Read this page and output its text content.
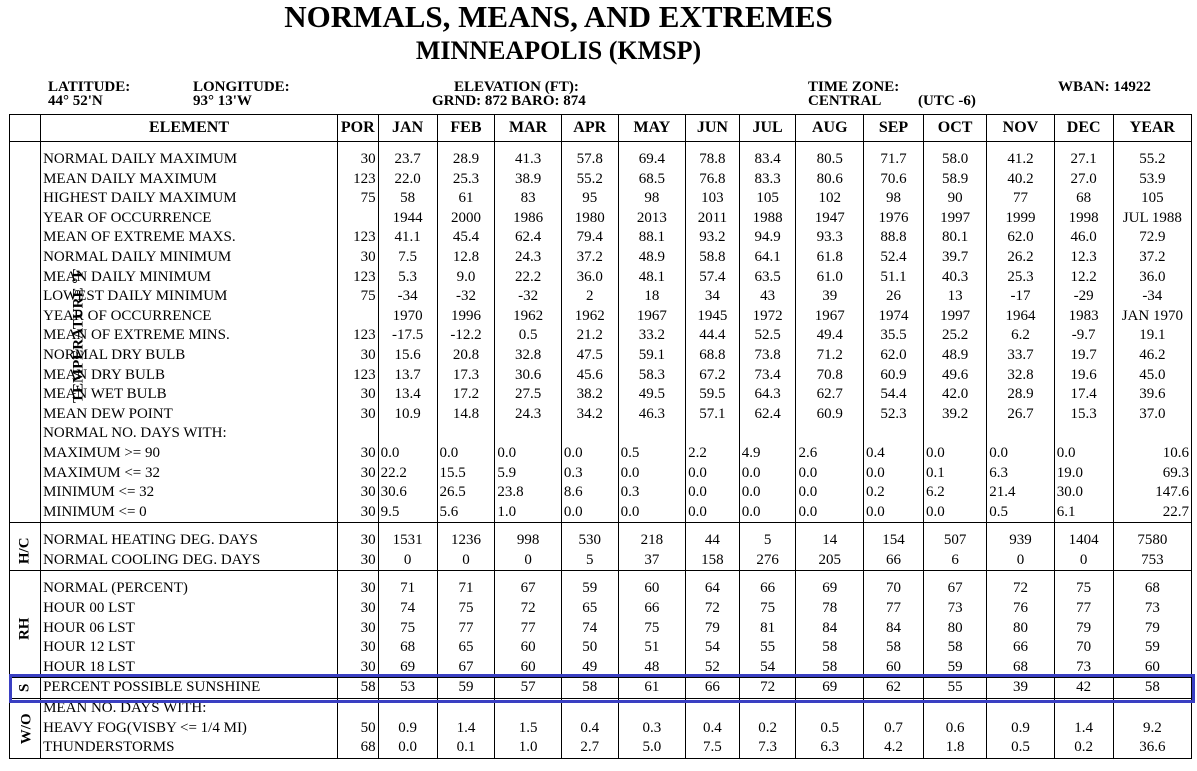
NORMALS, MEANS, AND EXTREMES
MINNEAPOLIS (KMSP)
LATITUDE:
44° 52'N
LONGITUDE:
93° 13'W
ELEVATION (FT):
GRND: 872 BARO: 874
TIME ZONE:
CENTRAL (UTC -6)
WBAN: 14922
	ELEMENT	POR	JAN	FEB	MAR	APR	MAY	JUN	JUL	AUG	SEP	OCT	NOV	DEC	YEAR
TEMPERATURE °F	NORMAL DAILY MAXIMUM	30	23.7	28.9	41.3	57.8	69.4	78.8	83.4	80.5	71.7	58.0	41.2	27.1	55.2
	MEAN DAILY MAXIMUM	123	22.0	25.3	38.9	55.2	68.5	76.8	83.3	80.6	70.6	58.9	40.2	27.0	53.9
	HIGHEST DAILY MAXIMUM	75	58	61	83	95	98	103	105	102	98	90	77	68	105
	YEAR OF OCCURRENCE		1944	2000	1986	1980	2013	2011	1988	1947	1976	1997	1999	1998	JUL 1988
	MEAN OF EXTREME MAXS.	123	41.1	45.4	62.4	79.4	88.1	93.2	94.9	93.3	88.8	80.1	62.0	46.0	72.9
	NORMAL DAILY MINIMUM	30	7.5	12.8	24.3	37.2	48.9	58.8	64.1	61.8	52.4	39.7	26.2	12.3	37.2
	MEAN DAILY MINIMUM	123	5.3	9.0	22.2	36.0	48.1	57.4	63.5	61.0	51.1	40.3	25.3	12.2	36.0
	LOWEST DAILY MINIMUM	75	-34	-32	-32	2	18	34	43	39	26	13	-17	-29	-34
	YEAR OF OCCURRENCE		1970	1996	1962	1962	1967	1945	1972	1967	1974	1997	1964	1983	JAN 1970
	MEAN OF EXTREME MINS.	123	-17.5	-12.2	0.5	21.2	33.2	44.4	52.5	49.4	35.5	25.2	6.2	-9.7	19.1
	NORMAL DRY BULB	30	15.6	20.8	32.8	47.5	59.1	68.8	73.8	71.2	62.0	48.9	33.7	19.7	46.2
	MEAN DRY BULB	123	13.7	17.3	30.6	45.6	58.3	67.2	73.4	70.8	60.9	49.6	32.8	19.6	45.0
	MEAN WET BULB	30	13.4	17.2	27.5	38.2	49.5	59.5	64.3	62.7	54.4	42.0	28.9	17.4	39.6
	MEAN DEW POINT	30	10.9	14.8	24.3	34.2	46.3	57.1	62.4	60.9	52.3	39.2	26.7	15.3	37.0
	NORMAL NO. DAYS WITH:														
	MAXIMUM >= 90	30	0.0	0.0	0.0	0.0	0.5	2.2	4.9	2.6	0.4	0.0	0.0	0.0	10.6
	MAXIMUM <= 32	30	22.2	15.5	5.9	0.3	0.0	0.0	0.0	0.0	0.0	0.1	6.3	19.0	69.3
	MINIMUM <= 32	30	30.6	26.5	23.8	8.6	0.3	0.0	0.0	0.0	0.2	6.2	21.4	30.0	147.6
	MINIMUM <= 0	30	9.5	5.6	1.0	0.0	0.0	0.0	0.0	0.0	0.0	0.0	0.5	6.1	22.7
H/C	NORMAL HEATING DEG. DAYS	30	1531	1236	998	530	218	44	5	14	154	507	939	1404	7580
	NORMAL COOLING DEG. DAYS	30	0	0	0	5	37	158	276	205	66	6	0	0	753
RH	NORMAL (PERCENT)	30	71	71	67	59	60	64	66	69	70	67	72	75	68
	HOUR 00 LST	30	74	75	72	65	66	72	75	78	77	73	76	77	73
	HOUR 06 LST	30	75	77	77	74	75	79	81	84	84	80	80	79	79
	HOUR 12 LST	30	68	65	60	50	51	54	55	58	58	58	66	70	59
	HOUR 18 LST	30	69	67	60	49	48	52	54	58	60	59	68	73	60
S	PERCENT POSSIBLE SUNSHINE	58	53	59	57	58	61	66	72	69	62	55	39	42	58
W/O	MEAN NO. DAYS WITH:														
	HEAVY FOG(VISBY <= 1/4 MI)	50	0.9	1.4	1.5	0.4	0.3	0.4	0.2	0.5	0.7	0.6	0.9	1.4	9.2
	THUNDERSTORMS	68	0.0	0.1	1.0	2.7	5.0	7.5	7.3	6.3	4.2	1.8	0.5	0.2	36.6
